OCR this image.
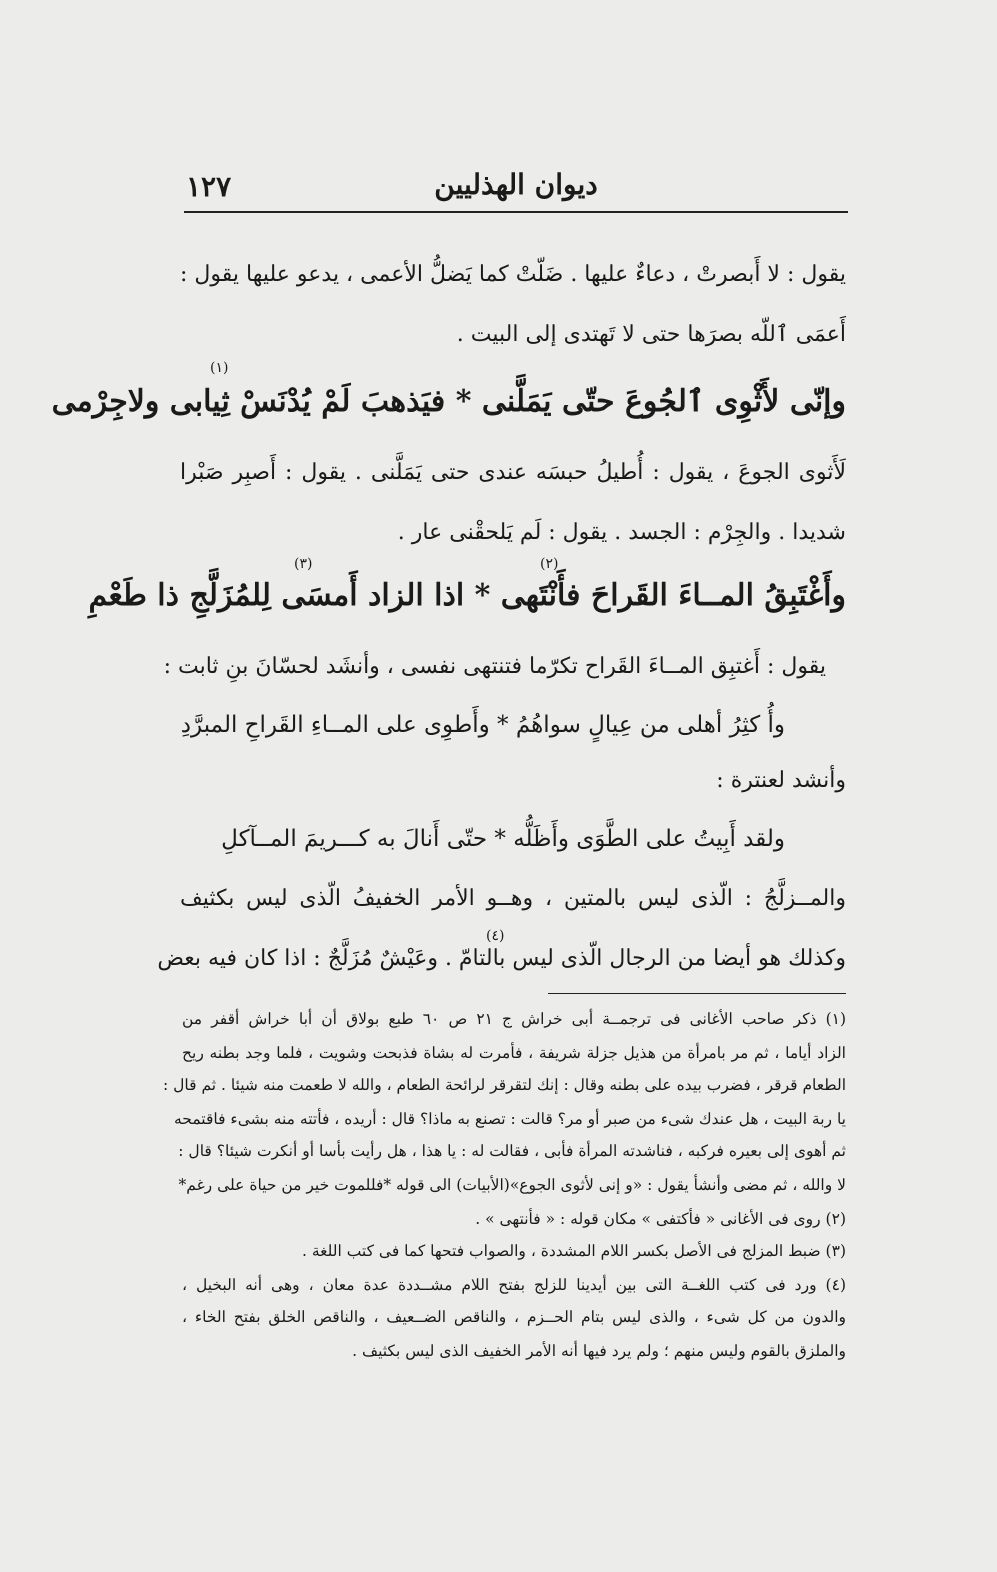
١٢٧	ديوان الهذليين
يقول : لا أَبصرتْ ، دعاءٌ عليها . ضَلّتْ كما يَضلُّ الأعمى ، يدعو عليها يقول :
أَعمَى ٱللّه بصرَها حتى لا تَهتدى إلى البيت .
(١)
وإنّى لأَثْوِى ٱلجُوعَ حتّى يَمَلَّنى * فيَذهبَ لَمْ يُدْنَسْ ثِيابى ولاجِرْمى
لَأَثوى الجوعَ ، يقول : أُطيلُ حبسَه عندى حتى يَمَلَّنى . يقول : أَصبِر صَبْرا
شديدا . والجِرْم : الجسد . يقول : لَم يَلحقْنى عار .
(٢)
(٣)
وأَغْتَبِقُ المــاءَ القَراحَ فأَنْتَهى * اذا الزاد أَمسَى لِلمُزَلَّجِ ذا طَعْمِ
يقول : أَغتبِق المــاءَ القَراح تكرّما فتنتهى نفسى ، وأنشَد لحسّانَ بنِ ثابت :
وأُ كثِرُ أهلى من عِيالٍ سواهُمُ * وأَطوِى على المــاءِ القَراحِ المبرَّدِ
وأنشد لعنترة :
ولقد أَبِيتُ على الطَّوَى وأَظَلُّه * حتّى أَنالَ به كـــريمَ المــآكلِ
والمــزلَّجُ : الّذى ليس بالمتين ، وهــو الأمر الخفيفُ الّذى ليس بكثيف
(٤)
وكذلك هو أيضا من الرجال الّذى ليس بالتامّ . وعَيْشٌ مُزَلَّجٌ : اذا كان فيه بعض
(١) ذكر صاحب الأغانى فى ترجمــة أبى خراش ج ٢١ ص ٦٠ طبع بولاق أن أبا خراش أقفر من
الزاد أياما ، ثم مر بامرأة من هذيل جزلة شريفة ، فأمرت له بشاة فذبحت وشويت ، فلما وجد بطنه ريح
الطعام قرقر ، فضرب بيده على بطنه وقال : إنك لتقرقر لرائحة الطعام ، والله لا طعمت منه شيئا . ثم قال :
يا ربة البيت ، هل عندك شىء من صبر أو مر؟ قالت : تصنع به ماذا؟ قال : أريده ، فأتته منه بشىء فاقتمحه
ثم أهوى إلى بعيره فركبه ، فناشدته المرأة فأبى ، فقالت له : يا هذا ، هل رأيت بأسا أو أنكرت شيئا؟ قال :
لا والله ، ثم مضى وأنشأ يقول : «و إنى لأثوى الجوع»(الأبيات) الى قوله *فللموت خير من حياة على رغم*
(٢) روى فى الأغانى « فأكتفى » مكان قوله : « فأنتهى » .
(٣) ضبط المزلج فى الأصل بكسر اللام المشددة ، والصواب فتحها كما فى كتب اللغة .
(٤) ورد فى كتب اللغــة التى بين أيدينا للزلج بفتح اللام مشــددة عدة معان ، وهى أنه البخيل ،
والدون من كل شىء ، والذى ليس بتام الحــزم ، والناقص الضــعيف ، والناقص الخلق بفتح الخاء ،
والملزق بالقوم وليس منهم ؛ ولم يرد فيها أنه الأمر الخفيف الذى ليس بكثيف .
